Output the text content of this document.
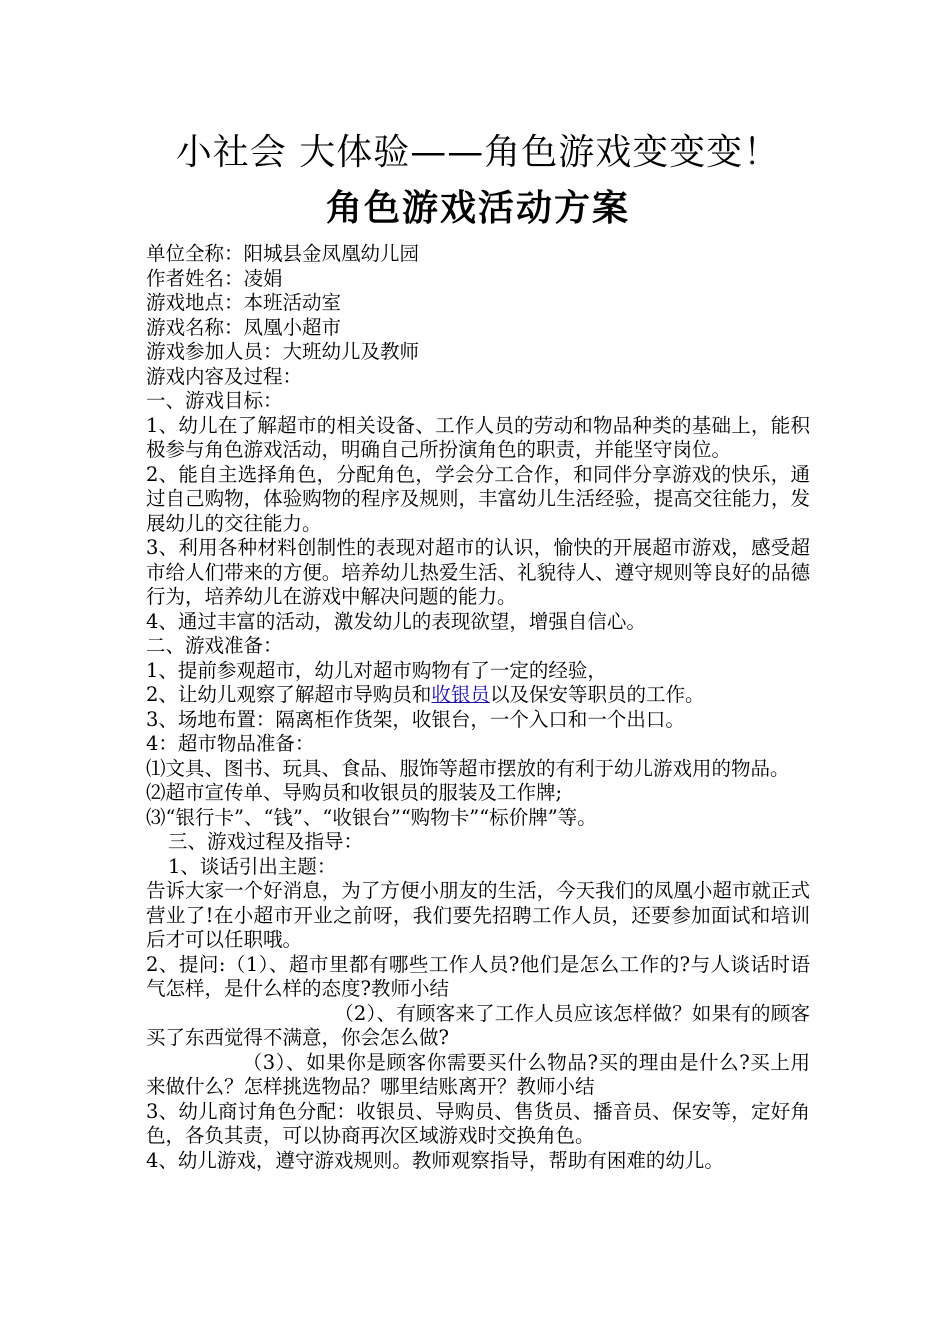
小社会 大体验——角色游戏变变变！
角色游戏活动方案

单位全称：阳城县金凤凰幼儿园

作者姓名：凌娟

游戏地点：本班活动室

游戏名称：凤凰小超市

游戏参加人员：大班幼儿及教师

游戏内容及过程：

一、游戏目标：

1、幼儿在了解超市的相关设备、工作人员的劳动和物品种类的基础上，能积极参与角色游戏活动，明确自己所扮演角色的职责，并能坚守岗位。

2、能自主选择角色，分配角色，学会分工合作，和同伴分享游戏的快乐，通过自己购物，体验购物的程序及规则，丰富幼儿生活经验，提高交往能力，发展幼儿的交往能力。

3、利用各种材料创制性的表现对超市的认识，愉快的开展超市游戏，感受超市给人们带来的方便。培养幼儿热爱生活、礼貌待人、遵守规则等良好的品德行为，培养幼儿在游戏中解决问题的能力。

4、通过丰富的活动，激发幼儿的表现欲望，增强自信心。

二、游戏准备：

1、提前参观超市，幼儿对超市购物有了一定的经验，

2、让幼儿观察了解超市导购员和收银员以及保安等职员的工作。

3、场地布置：隔离柜作货架，收银台，一个入口和一个出口。

4：超市物品准备：

⑴文具、图书、玩具、食品、服饰等超市摆放的有利于幼儿游戏用的物品。

⑵超市宣传单、导购员和收银员的服装及工作牌;

⑶“银行卡”、“钱”、“收银台”“购物卡”“标价牌”等。

三、游戏过程及指导：

1、谈话引出主题：

告诉大家一个好消息，为了方便小朋友的生活，今天我们的凤凰小超市就正式营业了!在小超市开业之前呀，我们要先招聘工作人员，还要参加面试和培训后才可以任职哦。

2、提问:（1）、超市里都有哪些工作人员?他们是怎么工作的?与人谈话时语气怎样，是什么样的态度?教师小结

（2）、有顾客来了工作人员应该怎样做？如果有的顾客买了东西觉得不满意，你会怎么做?

（3）、如果你是顾客你需要买什么物品?买的理由是什么?买上用来做什么？怎样挑选物品？哪里结账离开？教师小结

3、幼儿商讨角色分配：收银员、导购员、售货员、播音员、保安等，定好角色，各负其责，可以协商再次区域游戏时交换角色。

4、幼儿游戏，遵守游戏规则。教师观察指导，帮助有困难的幼儿。
